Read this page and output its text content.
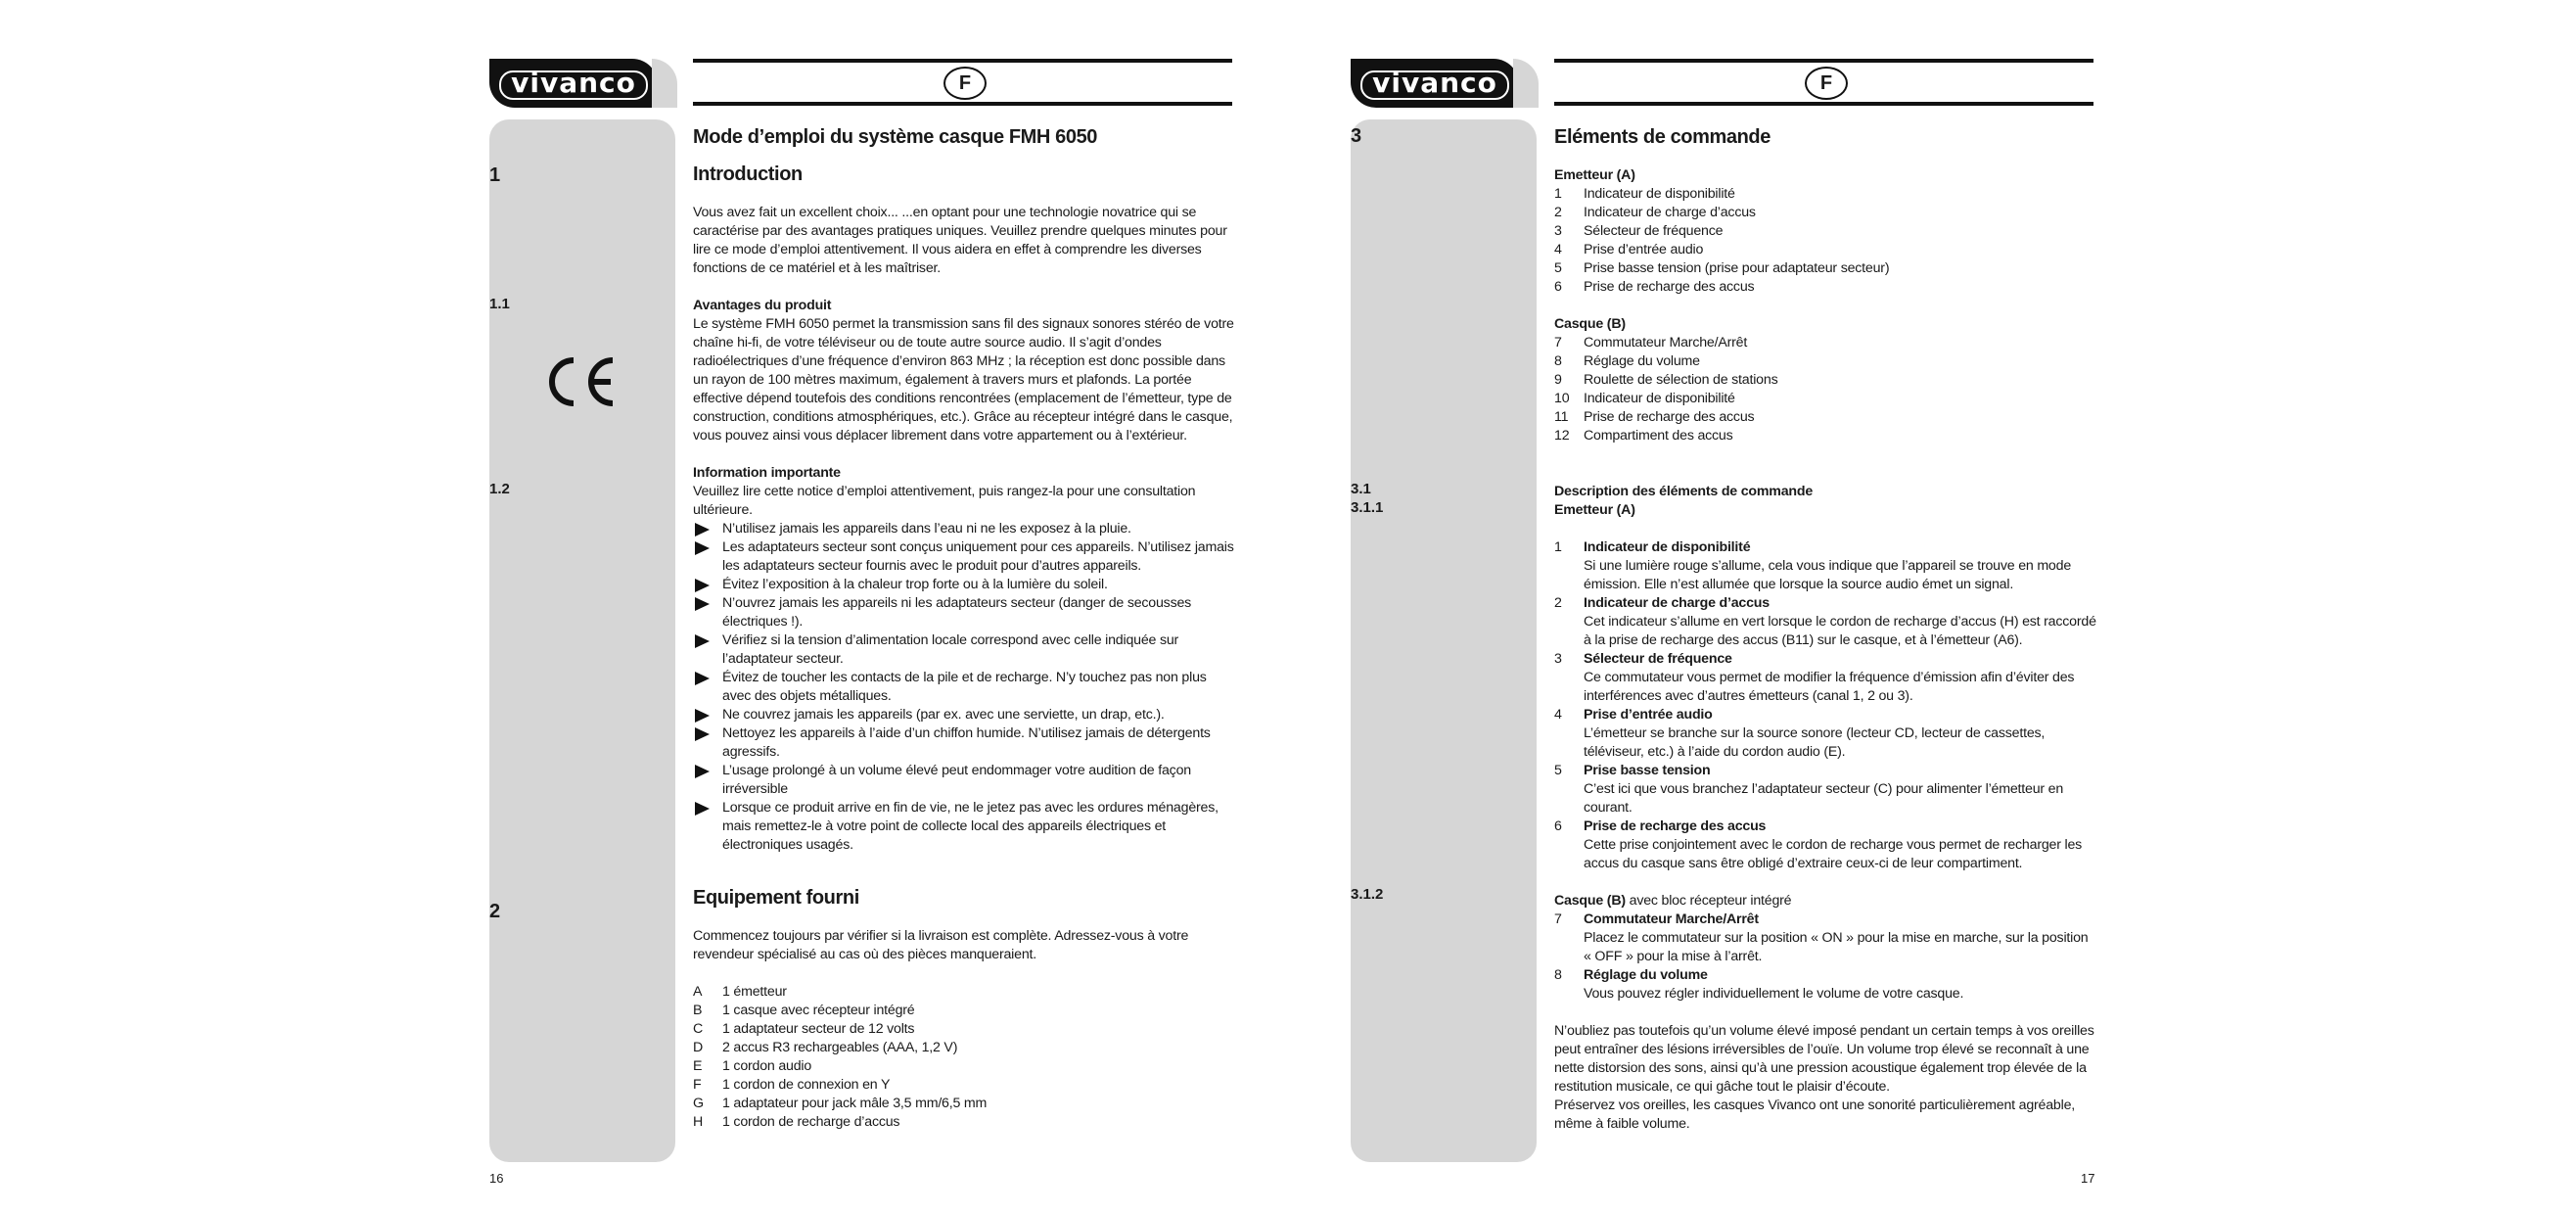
vivanco	F
1
1.1
1.2
2

Mode d’emploi du système casque FMH 6050

Introduction

Vous avez fait un excellent choix... ...en optant pour une technologie novatrice qui se caractérise par des avantages pratiques uniques. Veuillez prendre quelques minutes pour lire ce mode d’emploi attentivement. Il vous aidera en effet à comprendre les diverses fonctions de ce matériel et à les maîtriser.

Avantages du produit

Le système FMH 6050 permet la transmission sans fil des signaux sonores stéréo de votre chaîne hi-fi, de votre téléviseur ou de toute autre source audio. Il s’agit d’ondes radioélectriques d’une fréquence d’environ 863 MHz ; la réception est donc possible dans un rayon de 100 mètres maximum, également à travers murs et plafonds. La portée effective dépend toutefois des conditions rencontrées (emplacement de l’émetteur, type de construction, conditions atmosphériques, etc.). Grâce au récepteur intégré dans le casque, vous pouvez ainsi vous déplacer librement dans votre appartement ou à l’extérieur.

Information importante

Veuillez lire cette notice d’emploi attentivement, puis rangez-la pour une consultation ultérieure.

N’utilisez jamais les appareils dans l’eau ni ne les exposez à la pluie.
Les adaptateurs secteur sont conçus uniquement pour ces appareils. N’utilisez jamais les adaptateurs secteur fournis avec le produit pour d’autres appareils.
Évitez l’exposition à la chaleur trop forte ou à la lumière du soleil.
N’ouvrez jamais les appareils ni les adaptateurs secteur (danger de secousses électriques !).
Vérifiez si la tension d’alimentation locale correspond avec celle indiquée sur l’adaptateur secteur.
Évitez de toucher les contacts de la pile et de recharge. N’y touchez pas non plus avec des objets métalliques.
Ne couvrez jamais les appareils (par ex. avec une serviette, un drap, etc.).
Nettoyez les appareils à l’aide d’un chiffon humide. N’utilisez jamais de détergents agressifs.
L’usage prolongé à un volume élevé peut endommager votre audition de façon irréversible
Lorsque ce produit arrive en fin de vie, ne le jetez pas avec les ordures ménagères, mais remettez-le à votre point de collecte local des appareils électriques et électroniques usagés.

Equipement fourni

Commencez toujours par vérifier si la livraison est complète. Adressez-vous à votre revendeur spécialisé au cas où des pièces manqueraient.

A	1 émetteur
B	1 casque avec récepteur intégré
C	1 adaptateur secteur de 12 volts
D	2 accus R3 rechargeables (AAA, 1,2 V)
E	1 cordon audio
F	1 cordon de connexion en Y
G	1 adaptateur pour jack mâle 3,5 mm/6,5 mm
H	1 cordon de recharge d’accus
16
vivanco	F
3
3.1
3.1.1
3.1.2

Eléments de commande

Emetteur (A)

1	Indicateur de disponibilité
2	Indicateur de charge d’accus
3	Sélecteur de fréquence
4	Prise d’entrée audio
5	Prise basse tension (prise pour adaptateur secteur)
6	Prise de recharge des accus

Casque (B)

7	Commutateur Marche/Arrêt
8	Réglage du volume
9	Roulette de sélection de stations
10	Indicateur de disponibilité
11	Prise de recharge des accus
12	Compartiment des accus

Description des éléments de commande

Emetteur (A)

1	Indicateur de disponibilité
Si une lumière rouge s’allume, cela vous indique que l’appareil se trouve en mode émission. Elle n’est allumée que lorsque la source audio émet un signal.
2	Indicateur de charge d’accus
Cet indicateur s’allume en vert lorsque le cordon de recharge d’accus (H) est raccordé à la prise de recharge des accus (B11) sur le casque, et à l’émetteur (A6).
3	Sélecteur de fréquence
Ce commutateur vous permet de modifier la fréquence d’émission afin d’éviter des interférences avec d’autres émetteurs (canal 1, 2 ou 3).
4	Prise d’entrée audio
L’émetteur se branche sur la source sonore (lecteur CD, lecteur de cassettes, téléviseur, etc.) à l’aide du cordon audio (E).
5	Prise basse tension
C’est ici que vous branchez l’adaptateur secteur (C) pour alimenter l’émetteur en courant.
6	Prise de recharge des accus
Cette prise conjointement avec le cordon de recharge vous permet de recharger les accus du casque sans être obligé d’extraire ceux-ci de leur compartiment.

Casque (B) avec bloc récepteur intégré

7	Commutateur Marche/Arrêt
Placez le commutateur sur la position « ON » pour la mise en marche, sur la position « OFF » pour la mise à l’arrêt.
8	Réglage du volume
Vous pouvez régler individuellement le volume de votre casque.

N’oubliez pas toutefois qu’un volume élevé imposé pendant un certain temps à vos oreilles peut entraîner des lésions irréversibles de l’ouïe. Un volume trop élevé se reconnaît à une nette distorsion des sons, ainsi qu’à une pression acoustique également trop élevée de la restitution musicale, ce qui gâche tout le plaisir d’écoute.

Préservez vos oreilles, les casques Vivanco ont une sonorité particulièrement agréable, même à faible volume.

17
